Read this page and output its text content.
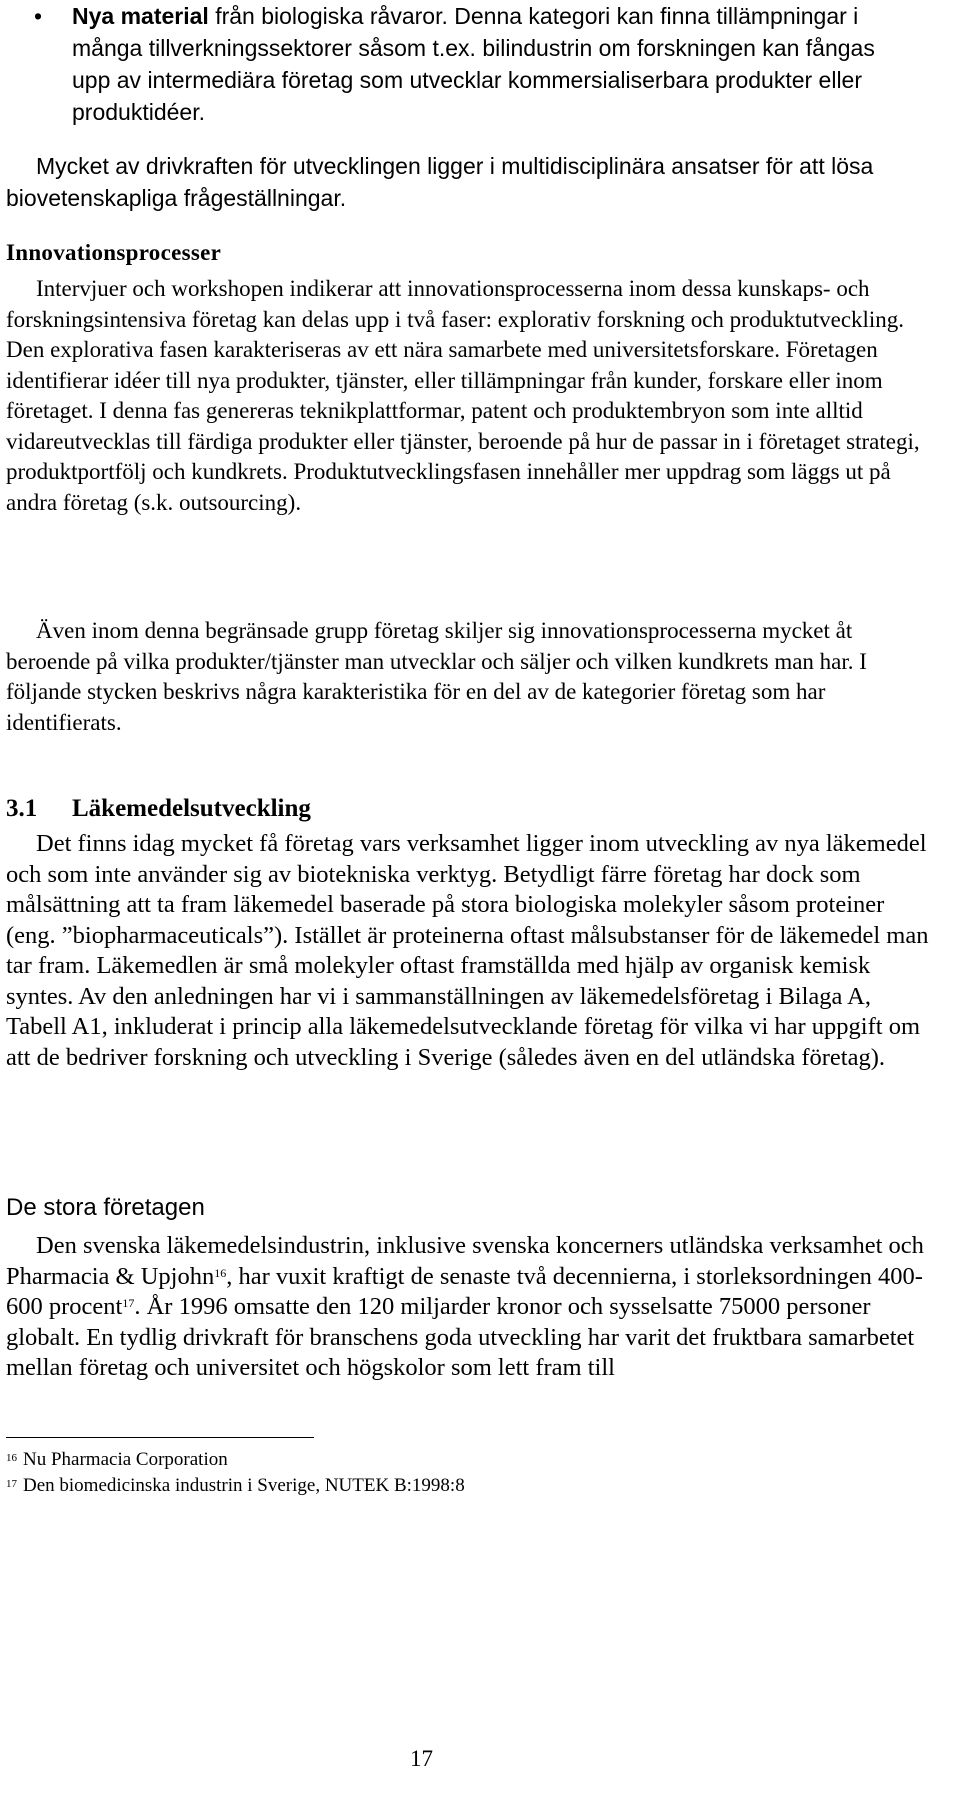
• Nya material från biologiska råvaror. Denna kategori kan finna tillämpningar i många tillverkningssektorer såsom t.ex. bilindustrin om forskningen kan fångas upp av intermediära företag som utvecklar kommersialiserbara produkter eller produktidéer.

Mycket av drivkraften för utvecklingen ligger i multidisciplinära ansatser för att lösa biovetenskapliga frågeställningar.

Innovationsprocesser

Intervjuer och workshopen indikerar att innovationsprocesserna inom dessa kunskaps- och forskningsintensiva företag kan delas upp i två faser: explorativ forskning och produktutveckling. Den explorativa fasen karakteriseras av ett nära samarbete med universitetsforskare. Företagen identifierar idéer till nya produkter, tjänster, eller tillämpningar från kunder, forskare eller inom företaget. I denna fas genereras teknikplattformar, patent och produktembryon som inte alltid vidareutvecklas till färdiga produkter eller tjänster, beroende på hur de passar in i företaget strategi, produktportfölj och kundkrets. Produktutvecklingsfasen innehåller mer uppdrag som läggs ut på andra företag (s.k. outsourcing).

Även inom denna begränsade grupp företag skiljer sig innovationsprocesserna mycket åt beroende på vilka produkter/tjänster man utvecklar och säljer och vilken kundkrets man har. I följande stycken beskrivs några karakteristika för en del av de kategorier företag som har identifierats.

3.1 Läkemedelsutveckling

Det finns idag mycket få företag vars verksamhet ligger inom utveckling av nya läkemedel och som inte använder sig av biotekniska verktyg. Betydligt färre företag har dock som målsättning att ta fram läkemedel baserade på stora biologiska molekyler såsom proteiner (eng. ”biopharmaceuticals”). Istället är proteinerna oftast målsubstanser för de läkemedel man tar fram. Läkemedlen är små molekyler oftast framställda med hjälp av organisk kemisk syntes. Av den anledningen har vi i sammanställningen av läkemedelsföretag i Bilaga A, Tabell A1, inkluderat i princip alla läkemedelsutvecklande företag för vilka vi har uppgift om att de bedriver forskning och utveckling i Sverige (således även en del utländska företag).

De stora företagen

Den svenska läkemedelsindustrin, inklusive svenska koncerners utländska verksamhet och Pharmacia & Upjohn$^{16}$, har vuxit kraftigt de senaste två decennierna, i storleksordningen 400-600 procent$^{17}$. År 1996 omsatte den 120 miljarder kronor och sysselsatte 75000 personer globalt. En tydlig drivkraft för branschens goda utveckling har varit det fruktbara samarbetet mellan företag och universitet och högskolor som lett fram till

$^{16}$ Nu Pharmacia Corporation
$^{17}$ Den biomedicinska industrin i Sverige, NUTEK B:1998:8
17
